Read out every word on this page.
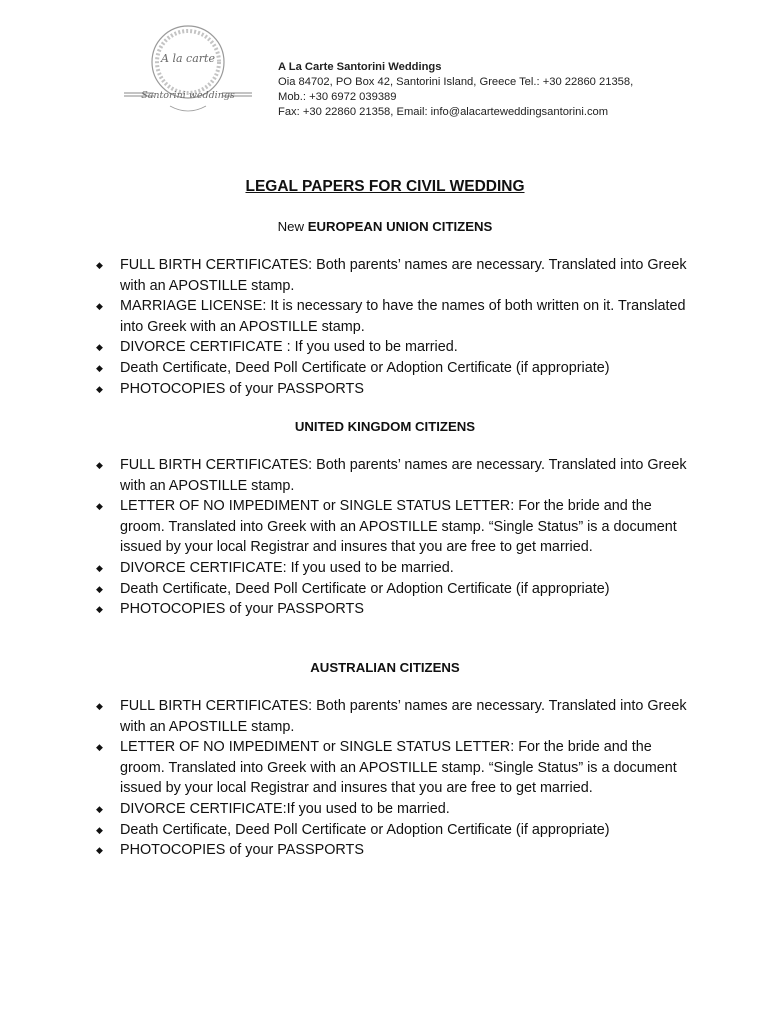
A la carte
Santorini weddings
A La Carte Santorini Weddings
Oia 84702, PO Box 42, Santorini Island, Greece Tel.: +30 22860 21358,
Mob.: +30 6972 039389
Fax: +30 22860 21358, Email: info@alacarteweddingsantorini.com
LEGAL PAPERS FOR CIVIL WEDDING
New EUROPEAN UNION CITIZENS
◆ FULL BIRTH CERTIFICATES: Both parents’ names are necessary. Translated into Greek with an APOSTILLE stamp.
◆ MARRIAGE LICENSE: It is necessary to have the names of both written on it. Translated into Greek with an APOSTILLE stamp.
◆ DIVORCE CERTIFICATE : If you used to be married.
◆ Death Certificate, Deed Poll Certificate or Adoption Certificate (if appropriate)
◆ PHOTOCOPIES of your PASSPORTS
UNITED KINGDOM CITIZENS
◆ FULL BIRTH CERTIFICATES: Both parents’ names are necessary. Translated into Greek with an APOSTILLE stamp.
◆ LETTER OF NO IMPEDIMENT or SINGLE STATUS LETTER: For the bride and the groom. Translated into Greek with an APOSTILLE stamp. “Single Status” is a document issued by your local Registrar and insures that you are free to get married.
◆ DIVORCE CERTIFICATE: If you used to be married.
◆ Death Certificate, Deed Poll Certificate or Adoption Certificate (if appropriate)
◆ PHOTOCOPIES of your PASSPORTS
AUSTRALIAN CITIZENS
◆ FULL BIRTH CERTIFICATES: Both parents’ names are necessary. Translated into Greek with an APOSTILLE stamp.
◆ LETTER OF NO IMPEDIMENT or SINGLE STATUS LETTER: For the bride and the groom. Translated into Greek with an APOSTILLE stamp. “Single Status” is a document issued by your local Registrar and insures that you are free to get married.
◆ DIVORCE CERTIFICATE:If you used to be married.
◆ Death Certificate, Deed Poll Certificate or Adoption Certificate (if appropriate)
◆ PHOTOCOPIES of your PASSPORTS
